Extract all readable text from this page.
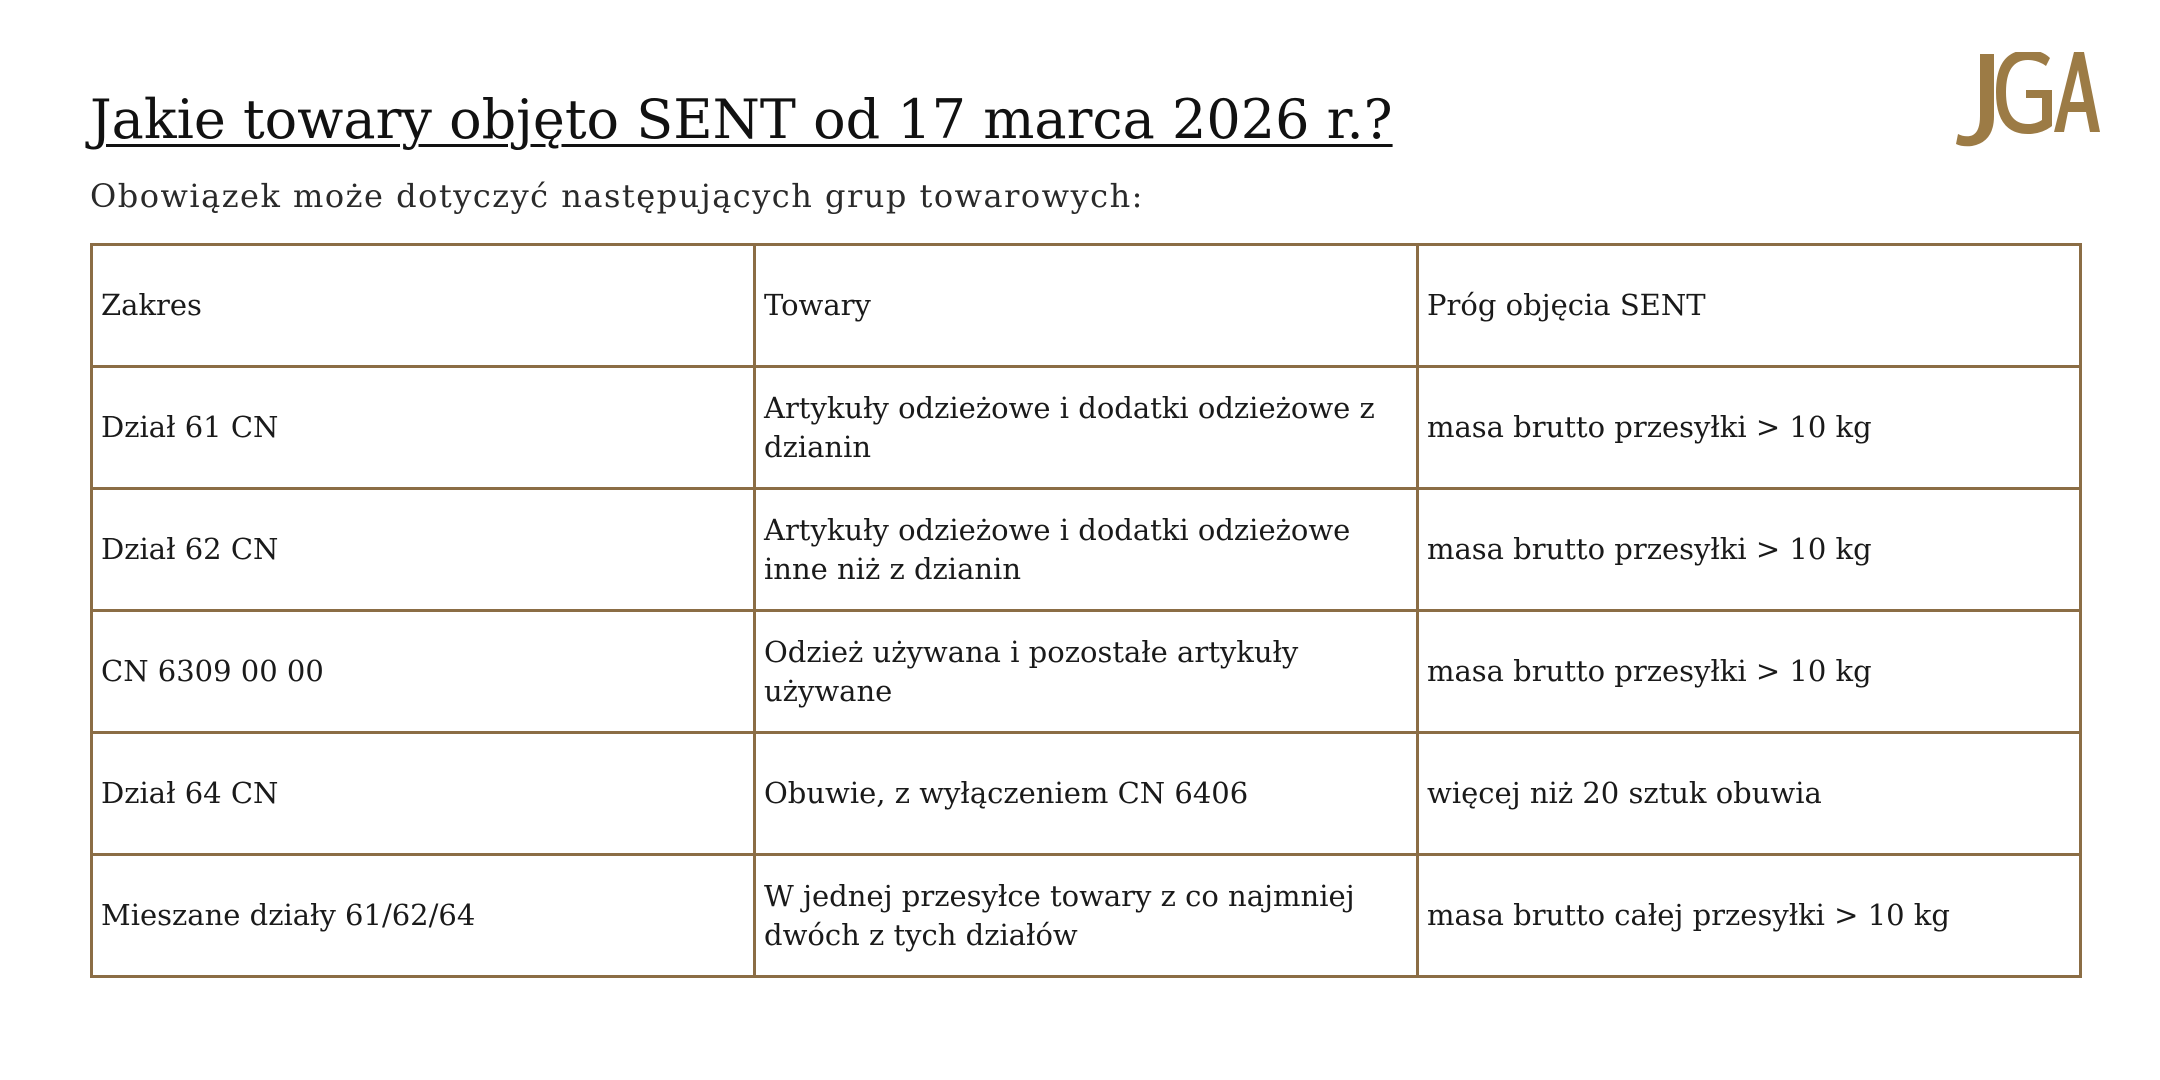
Jakie towary objęto SENT od 17 marca 2026 r.?

Obowiązek może dotyczyć następujących grup towarowych:

Zakres	Towary	Próg objęcia SENT
Dział 61 CN	Artykuły odzieżowe i dodatki odzieżowe z dzianin	masa brutto przesyłki > 10 kg
Dział 62 CN	Artykuły odzieżowe i dodatki odzieżowe inne niż z dzianin	masa brutto przesyłki > 10 kg
CN 6309 00 00	Odzież używana i pozostałe artykuły używane	masa brutto przesyłki > 10 kg
Dział 64 CN	Obuwie, z wyłączeniem CN 6406	więcej niż 20 sztuk obuwia
Mieszane działy 61/62/64	W jednej przesyłce towary z co najmniej dwóch z tych działów	masa brutto całej przesyłki > 10 kg
